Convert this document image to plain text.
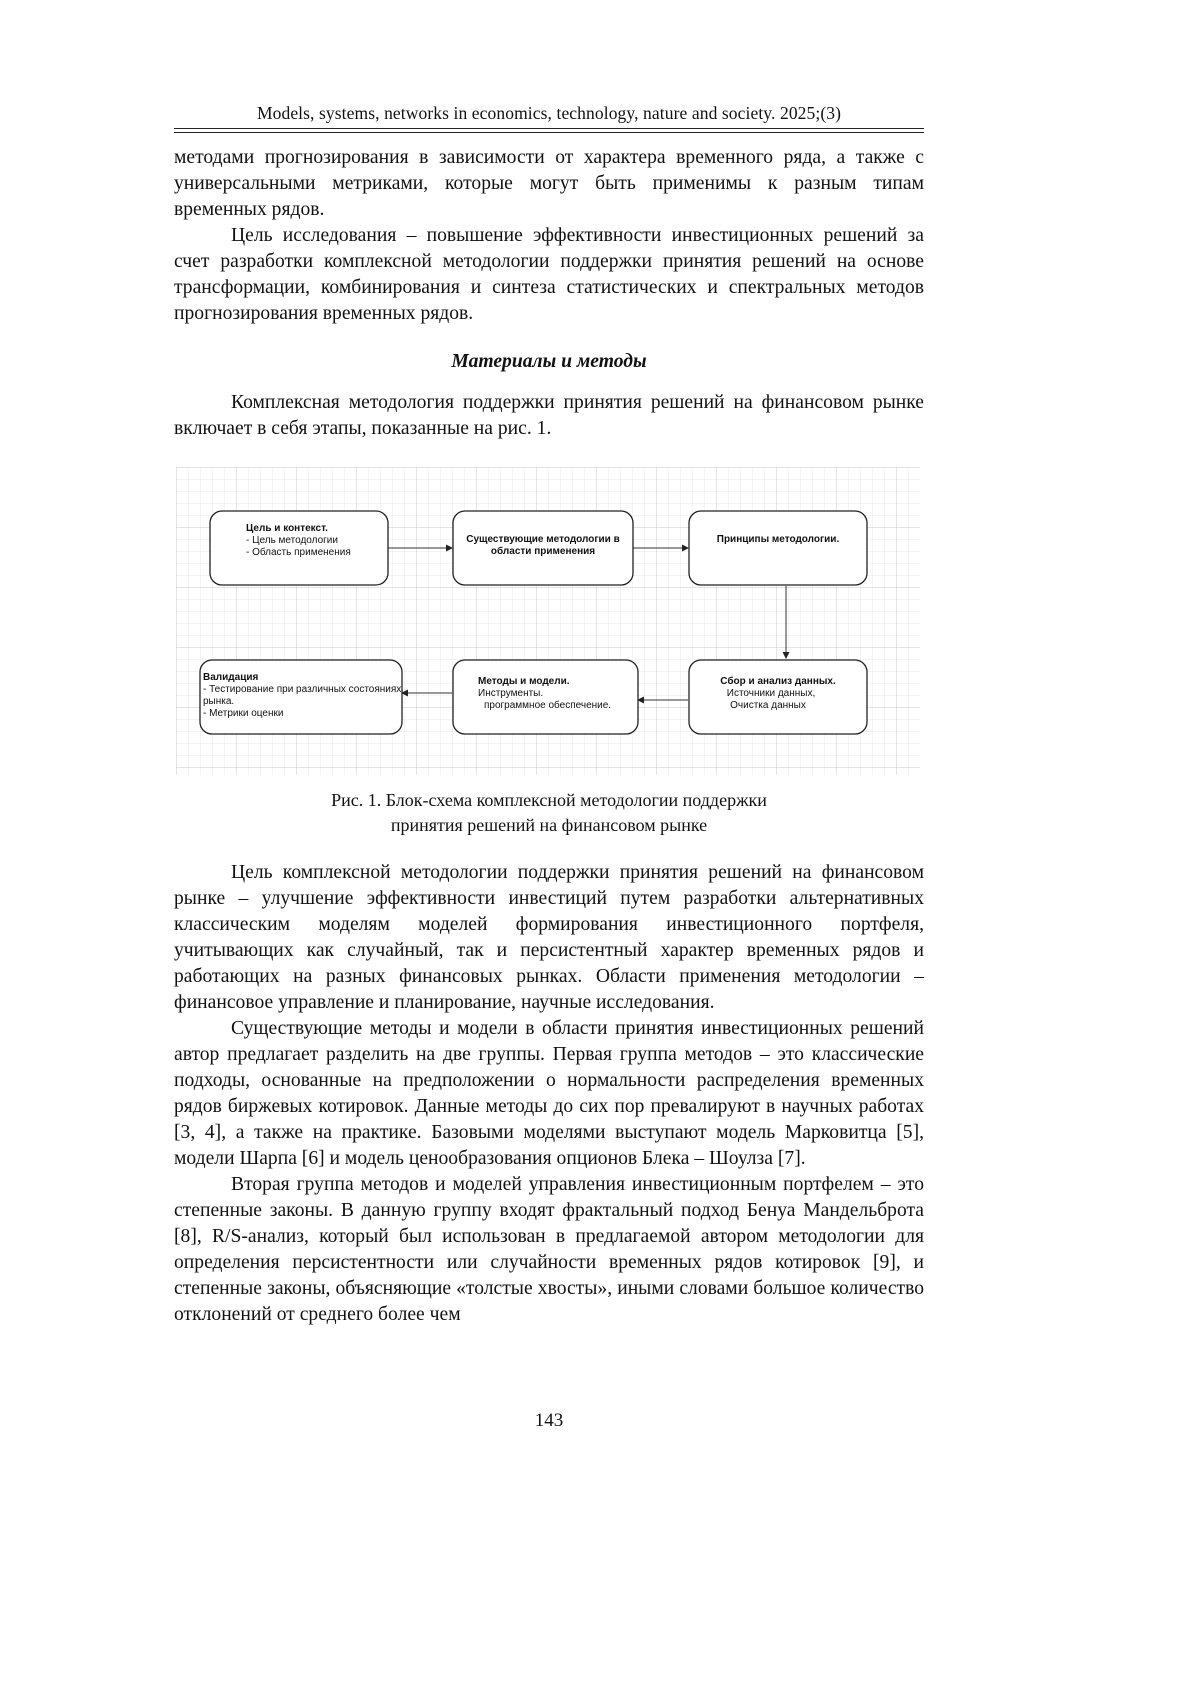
Models, systems, networks in economics, technology, nature and society. 2025;(3)

методами прогнозирования в зависимости от характера временного ряда, а также с универсальными метриками, которые могут быть применимы к разным типам временных рядов.

Цель исследования – повышение эффективности инвестиционных решений за счет разработки комплексной методологии поддержки принятия решений на основе трансформации, комбинирования и синтеза статистических и спектральных методов прогнозирования временных рядов.

Материалы и методы

Комплексная методология поддержки принятия решений на финансовом рынке включает в себя этапы, показанные на рис. 1.

Цель и контекст.
- Цель методологии
- Область применения
Существующие методологии в
области применения
Принципы методологии.
Сбор и анализ данных.
Источники данных,
Очистка данных
Методы и модели.
Инструменты.
программное обеспечение.
Валидация
- Тестирование при различных состояниях
рынка.
- Метрики оценки
Рис. 1. Блок-схема комплексной методологии поддержки
принятия решений на финансовом рынке

Цель комплексной методологии поддержки принятия решений на финансовом рынке – улучшение эффективности инвестиций путем разработки альтернативных классическим моделям моделей формирования инвестиционного портфеля, учитывающих как случайный, так и персистентный характер временных рядов и работающих на разных финансовых рынках. Области применения методологии – финансовое управление и планирование, научные исследования.

Существующие методы и модели в области принятия инвестиционных решений автор предлагает разделить на две группы. Первая группа методов – это классические подходы, основанные на предположении о нормальности распределения временных рядов биржевых котировок. Данные методы до сих пор превалируют в научных работах [3, 4], а также на практике. Базовыми моделями выступают модель Марковитца [5], модели Шарпа [6] и модель ценообразования опционов Блека – Шоулза [7].

Вторая группа методов и моделей управления инвестиционным портфелем – это степенные законы. В данную группу входят фрактальный подход Бенуа Мандельброта [8], R/S-анализ, который был использован в предлагаемой автором методологии для определения персистентности или случайности временных рядов котировок [9], и степенные законы, объясняющие «толстые хвосты», иными словами большое количество отклонений от среднего более чем

143
